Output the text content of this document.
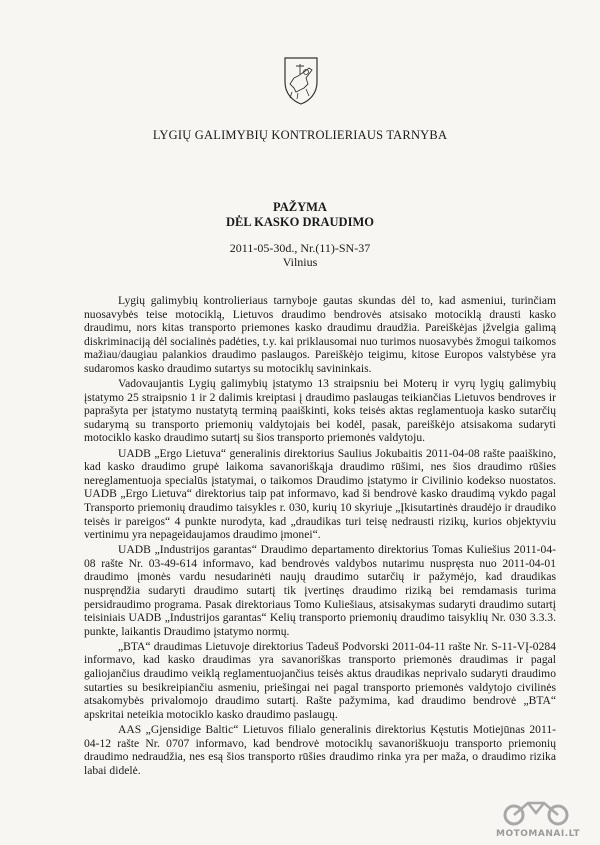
LYGIŲ GALIMYBIŲ KONTROLIERIAUS TARNYBA
PAŽYMA
DĖL KASKO DRAUDIMO
2011-05-30d., Nr.(11)-SN-37
Vilnius

Lygių galimybių kontrolieriaus tarnyboje gautas skundas dėl to, kad asmeniui, turinčiam nuosavybės teise motociklą, Lietuvos draudimo bendrovės atsisako motociklą drausti kasko draudimu, nors kitas transporto priemones kasko draudimu draudžia. Pareiškėjas įžvelgia galimą diskriminaciją dėl socialinės padėties, t.y. kai priklausomai nuo turimos nuosavybės žmogui taikomos mažiau/daugiau palankios draudimo paslaugos. Pareiškėjo teigimu, kitose Europos valstybėse yra sudaromos kasko draudimo sutartys su motociklų savininkais.

Vadovaujantis Lygių galimybių įstatymo 13 straipsniu bei Moterų ir vyrų lygių galimybių įstatymo 25 straipsnio 1 ir 2 dalimis kreiptasi į draudimo paslaugas teikiančias Lietuvos bendroves ir paprašyta per įstatymo nustatytą terminą paaiškinti, koks teisės aktas reglamentuoja kasko sutarčių sudarymą su transporto priemonių valdytojais bei kodėl, pasak, pareiškėjo atsisakoma sudaryti motociklo kasko draudimo sutartį su šios transporto priemonės valdytoju.

UADB „Ergo Lietuva“ generalinis direktorius Saulius Jokubaitis 2011-04-08 rašte paaiškino, kad kasko draudimo grupė laikoma savanoriškąja draudimo rūšimi, nes šios draudimo rūšies nereglamentuoja specialūs įstatymai, o taikomos Draudimo įstatymo ir Civilinio kodekso nuostatos. UADB „Ergo Lietuva“ direktorius taip pat informavo, kad ši bendrovė kasko draudimą vykdo pagal Transporto priemonių draudimo taisykles r. 030, kurių 10 skyriuje „Įkisutartinės draudėjo ir draudiko teisės ir pareigos“ 4 punkte nurodyta, kad „draudikas turi teisę nedrausti rizikų, kurios objektyviu vertinimu yra nepageidaujamos draudimo įmonei“.

UADB „Industrijos garantas“ Draudimo departamento direktorius Tomas Kuliešius 2011-04-08 rašte Nr. 03-49-614 informavo, kad bendrovės valdybos nutarimu nuspręsta nuo 2011-04-01 draudimo įmonės vardu nesudarinėti naujų draudimo sutarčių ir pažymėjo, kad draudikas nuspręndžia sudaryti draudimo sutartį tik įvertinęs draudimo riziką bei remdamasis turima persidraudimo programa. Pasak direktoriaus Tomo Kuliešiaus, atsisakymas sudaryti draudimo sutartį teisiniais UADB „Industrijos garantas“ Kelių transporto priemonių draudimo taisyklių Nr. 030 3.3.3. punkte, laikantis Draudimo įstatymo normų.

„BTA“ draudimas Lietuvoje direktorius Tadeuš Podvorski 2011-04-11 rašte Nr. S-11-VĮ-0284 informavo, kad kasko draudimas yra savanoriškas transporto priemonės draudimas ir pagal galiojančius draudimo veiklą reglamentuojančius teisės aktus draudikas neprivalo sudaryti draudimo sutarties su besikreipiančiu asmeniu, priešingai nei pagal transporto priemonės valdytojo civilinės atsakomybės privalomojo draudimo sutartį. Rašte pažymima, kad draudimo bendrovė „BTA“ apskritai neteikia motociklo kasko draudimo paslaugų.

AAS „Gjensidige Baltic“ Lietuvos filialo generalinis direktorius Kęstutis Motiejūnas 2011-04-12 rašte Nr. 0707 informavo, kad bendrovė motociklų savanoriškuoju transporto priemonių draudimo nedraudžia, nes esą šios transporto rūšies draudimo rinka yra per maža, o draudimo rizika labai didelė.

MOTOMANAI.LT
